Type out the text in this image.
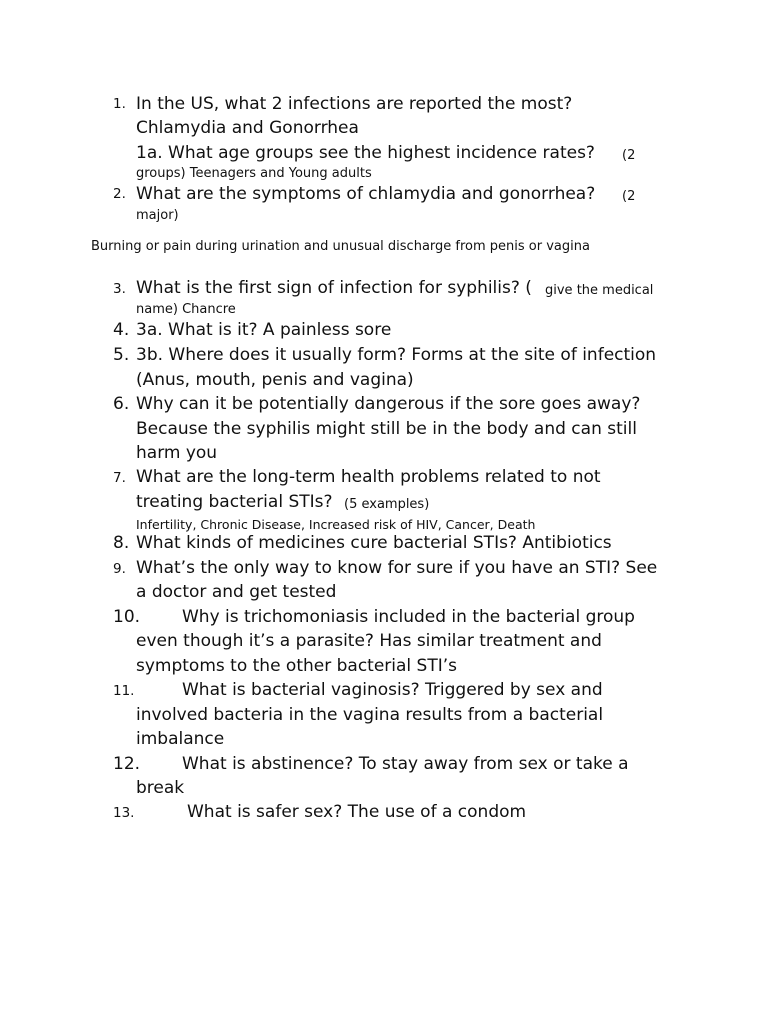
1. In the US, what 2 infections are reported the most?
Chlamydia and Gonorrhea
1a. What age groups see the highest incidence rates? (2
groups) Teenagers and Young adults
2. What are the symptoms of chlamydia and gonorrhea? (2
major)
Burning or pain during urination and unusual discharge from penis or vagina
3. What is the first sign of infection for syphilis? ( give the medical
name) Chancre
4. 3a. What is it? A painless sore
5. 3b. Where does it usually form? Forms at the site of infection
(Anus, mouth, penis and vagina)
6. Why can it be potentially dangerous if the sore goes away?
Because the syphilis might still be in the body and can still
harm you
7. What are the long-term health problems related to not
treating bacterial STIs? (5 examples)
Infertility, Chronic Disease, Increased risk of HIV, Cancer, Death
8. What kinds of medicines cure bacterial STIs? Antibiotics
9. What’s the only way to know for sure if you have an STI? See
a doctor and get tested
10. Why is trichomoniasis included in the bacterial group
even though it’s a parasite? Has similar treatment and
symptoms to the other bacterial STI’s
11.	What is bacterial vaginosis? Triggered by sex and
involved bacteria in the vagina results from a bacterial
imbalance
12. What is abstinence? To stay away from sex or take a
break
13.	What is safer sex? The use of a condom
